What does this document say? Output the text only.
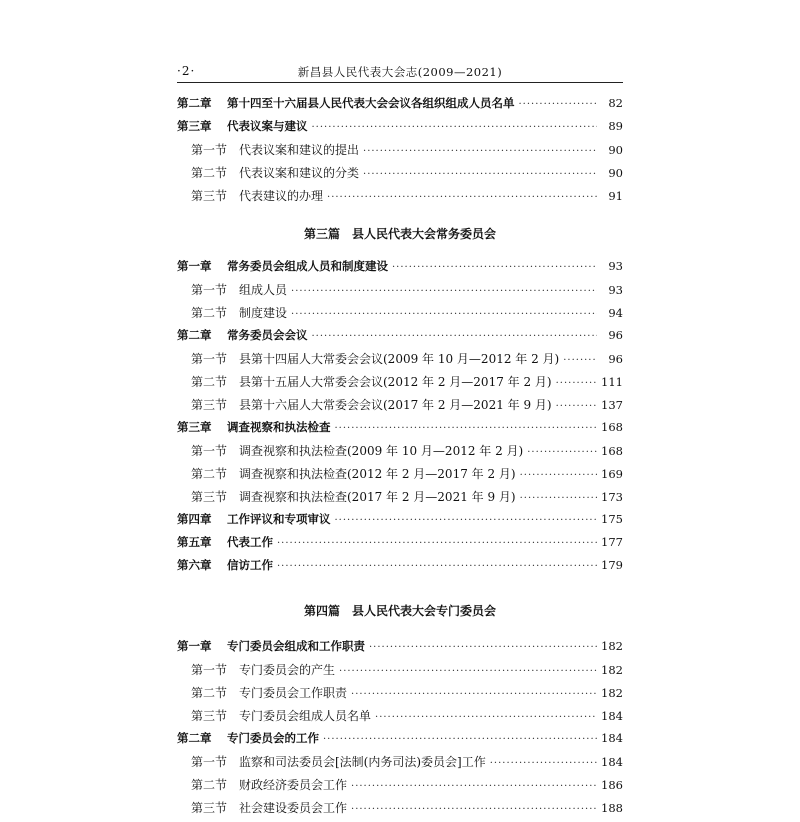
·2·	新昌县人民代表大会志(2009—2021)
第二章	第十四至十六届县人民代表大会会议各组织组成人员名单 ·····	82
第三章	代表议案与建议 ·····	89
第一节 代表议案和建议的提出 ·····	90
第二节 代表议案和建议的分类 ·····	90
第三节 代表建议的办理 ·····	91
第三篇　县人民代表大会常务委员会
第一章	常务委员会组成人员和制度建设 ·····	93
第一节 组成人员 ·····	93
第二节 制度建设 ·····	94
第二章	常务委员会会议 ·····	96
第一节 县第十四届人大常委会会议(2009 年 10 月—2012 年 2 月) ·····	96
第二节 县第十五届人大常委会会议(2012 年 2 月—2017 年 2 月) ·····	111
第三节 县第十六届人大常委会会议(2017 年 2 月—2021 年 9 月) ·····	137
第三章	调查视察和执法检查 ·····	168
第一节 调查视察和执法检查(2009 年 10 月—2012 年 2 月) ·····	168
第二节 调查视察和执法检查(2012 年 2 月—2017 年 2 月) ·····	169
第三节 调查视察和执法检查(2017 年 2 月—2021 年 9 月) ·····	173
第四章	工作评议和专项审议 ·····	175
第五章	代表工作 ·····	177
第六章	信访工作 ·····	179
第四篇　县人民代表大会专门委员会
第一章	专门委员会组成和工作职责 ·····	182
第一节 专门委员会的产生 ·····	182
第二节 专门委员会工作职责 ·····	182
第三节 专门委员会组成人员名单 ·····	184
第二章	专门委员会的工作 ·····	184
第一节 监察和司法委员会[法制(内务司法)委员会]工作 ·····	184
第二节 财政经济委员会工作 ·····	186
第三节 社会建设委员会工作 ·····	188
